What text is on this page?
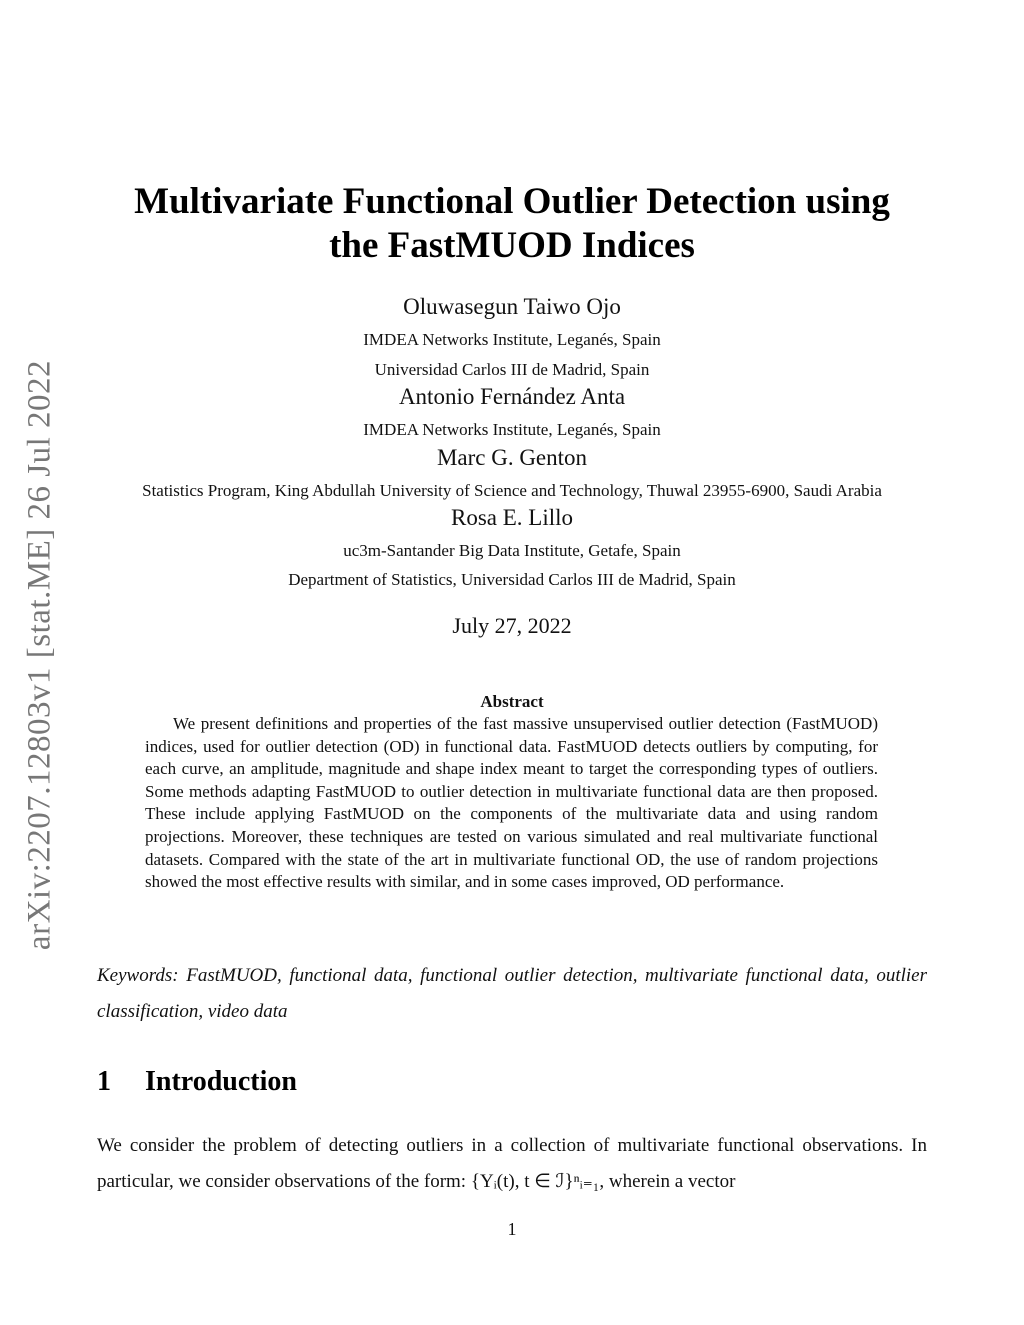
arXiv:2207.12803v1 [stat.ME] 26 Jul 2022
Multivariate Functional Outlier Detection using
the FastMUOD Indices
Oluwasegun Taiwo Ojo
IMDEA Networks Institute, Leganés, Spain
Universidad Carlos III de Madrid, Spain
Antonio Fernández Anta
IMDEA Networks Institute, Leganés, Spain
Marc G. Genton
Statistics Program, King Abdullah University of Science and Technology, Thuwal 23955-6900, Saudi Arabia
Rosa E. Lillo
uc3m-Santander Big Data Institute, Getafe, Spain
Department of Statistics, Universidad Carlos III de Madrid, Spain
July 27, 2022
Abstract
We present definitions and properties of the fast massive unsupervised outlier detection (FastMUOD) indices, used for outlier detection (OD) in functional data. FastMUOD detects outliers by computing, for each curve, an amplitude, magnitude and shape index meant to target the corresponding types of outliers. Some methods adapting FastMUOD to outlier detection in multivariate functional data are then proposed. These include applying FastMUOD on the components of the multivariate data and using random projections. Moreover, these techniques are tested on various simulated and real multivariate functional datasets. Compared with the state of the art in multivariate functional OD, the use of random projections showed the most effective results with similar, and in some cases improved, OD performance.
Keywords: FastMUOD, functional data, functional outlier detection, multivariate functional data, outlier classification, video data
1 Introduction
We consider the problem of detecting outliers in a collection of multivariate functional observations. In particular, we consider observations of the form: {Yᵢ(t), t ∈ ℐ}ⁿᵢ₌₁, wherein a vector
1
